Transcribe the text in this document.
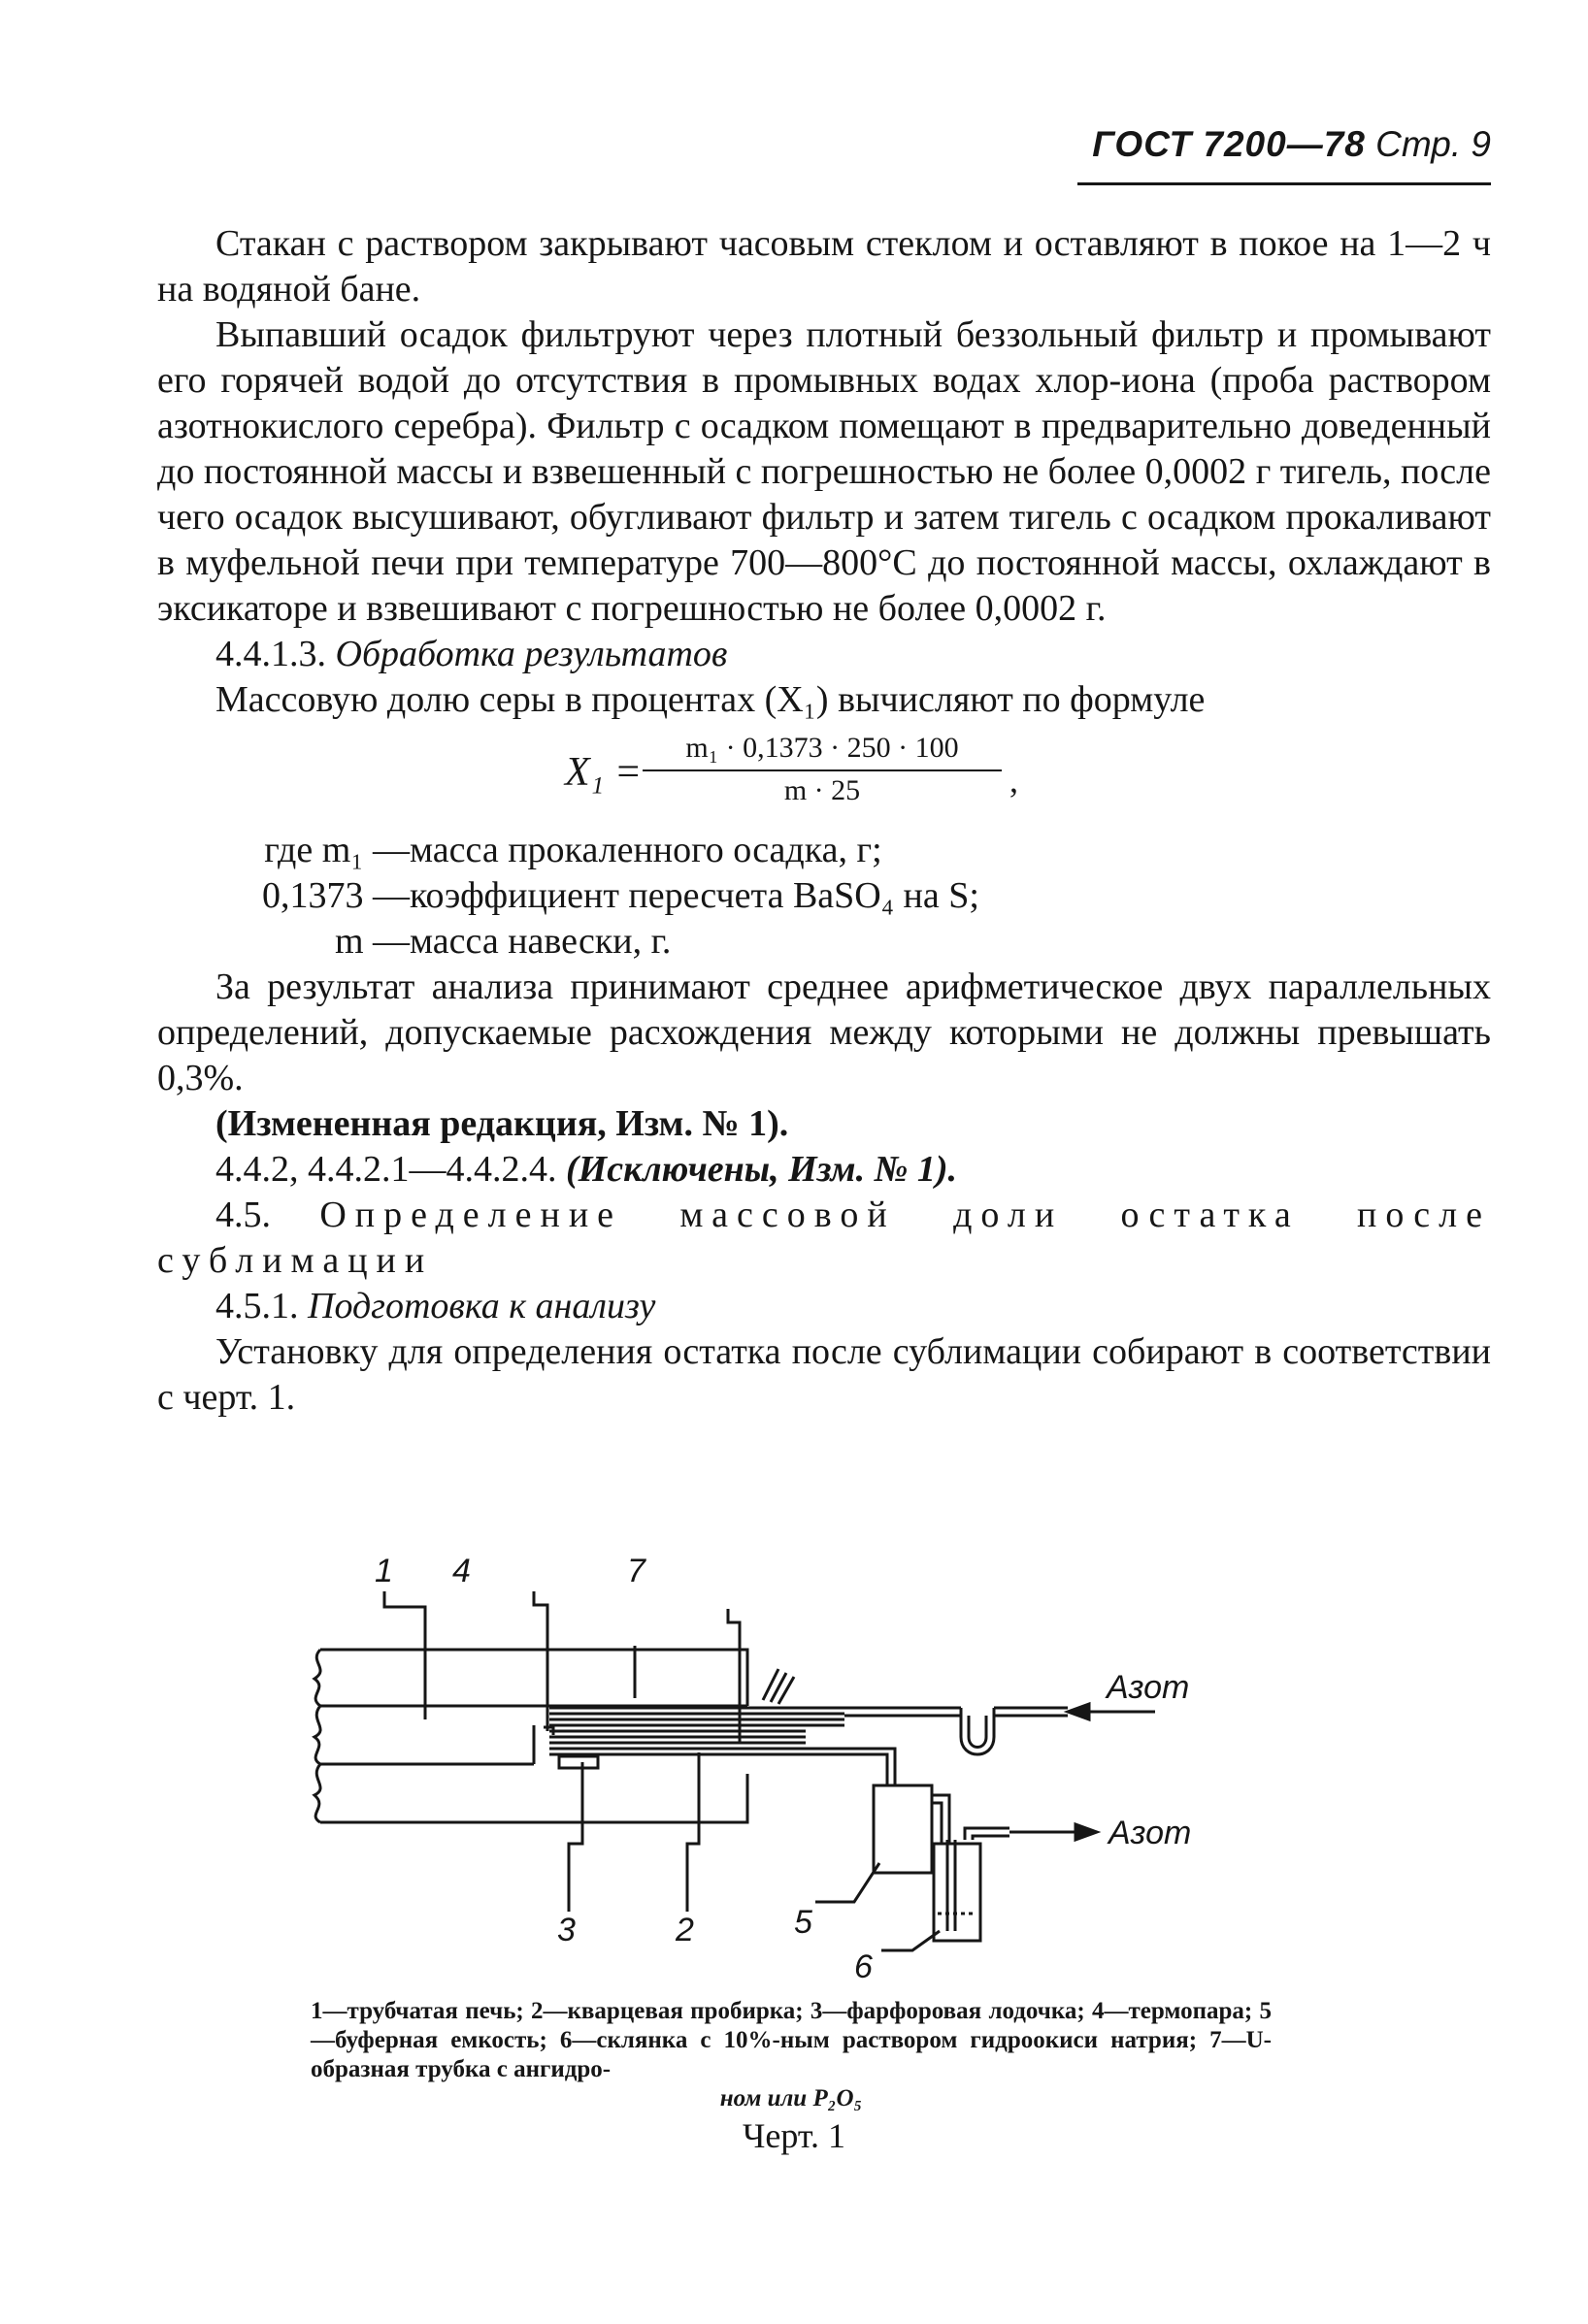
ГОСТ 7200—78 Стр. 9

Стакан с раствором закрывают часовым стеклом и оставляют в покое на 1—2 ч на водяной бане.

Выпавший осадок фильтруют через плотный беззольный фильтр и промывают его горячей водой до отсутствия в промывных водах хлор-иона (проба раствором азотнокислого серебра). Фильтр с осадком помещают в предварительно доведенный до постоянной массы и взвешенный с погрешностью не более 0,0002 г тигель, после чего осадок высушивают, обугливают фильтр и затем тигель с осадком прокаливают в муфельной печи при температуре 700—800°С до постоянной массы, охлаждают в эксикаторе и взвешивают с погрешностью не более 0,0002 г.

4.4.1.3. Обработка результатов

Массовую долю серы в процентах (X₁) вычисляют по формуле

$X_1 = \frac{\text{m₁ · 0,1373 · 250 · 100}}{m \cdot 25}$ ,
где m₁ — масса прокаленного осадка, г;
0,1373 — коэффициент пересчета BaSO₄ на S;
m — масса навески, г.

За результат анализа принимают среднее арифметическое двух параллельных определений, допускаемые расхождения между которыми не должны превышать 0,3%.

(Измененная редакция, Изм. № 1).

4.4.2, 4.4.2.1—4.4.2.4. (Исключены, Изм. № 1).

4.5. Определение массовой доли остатка после сублимации

4.5.1. Подготовка к анализу

Установку для определения остатка после сублимации собирают в соответствии с черт. 1.

1 4	7
3	2	5
6
Азот
Азот
1—трубчатая печь; 2—кварцевая пробирка; 3—фарфоровая лодочка; 4—термопара; 5—буферная емкость; 6—склянка с 10%-ным раствором гидроокиси натрия; 7—U-образная трубка с ангидро-
ном или P₂O₅
Черт. 1
